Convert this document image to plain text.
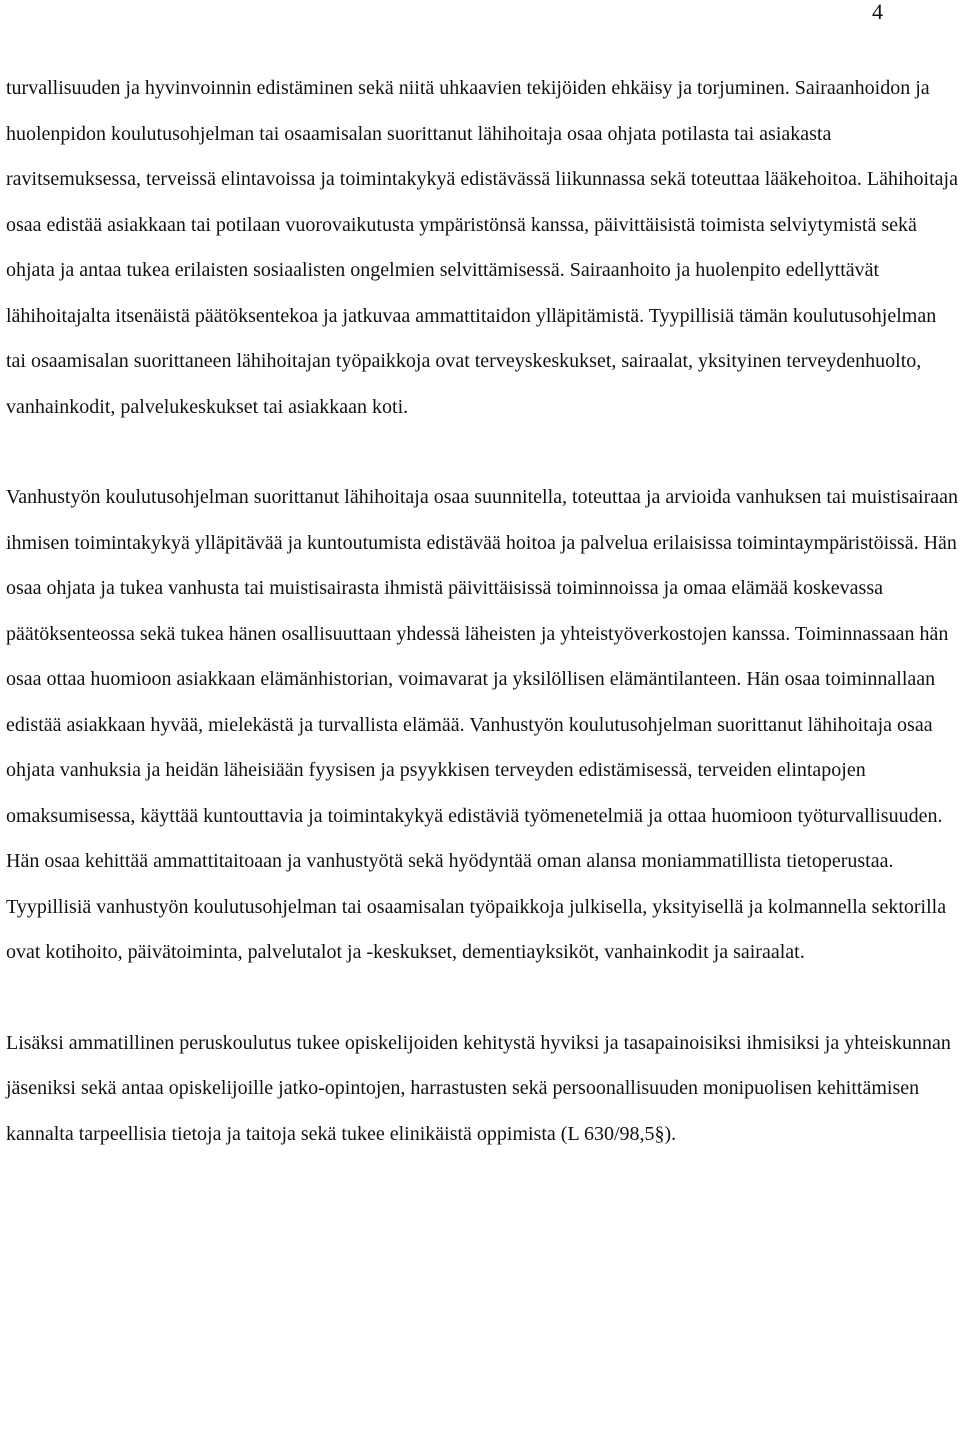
4

turvallisuuden ja hyvinvoinnin edistäminen sekä niitä uhkaavien tekijöiden ehkäisy ja torjuminen. Sairaanhoidon ja huolenpidon koulutusohjelman tai osaamisalan suorittanut lähihoitaja osaa ohjata potilasta tai asiakasta ravitsemuksessa, terveissä elintavoissa ja toimintakykyä edistävässä liikunnassa sekä toteuttaa lääkehoitoa. Lähihoitaja osaa edistää asiakkaan tai potilaan vuorovaikutusta ympäristönsä kanssa, päivittäisistä toimista selviytymistä sekä ohjata ja antaa tukea erilaisten sosiaalisten ongelmien selvittämisessä. Sairaanhoito ja huolenpito edellyttävät lähihoitajalta itsenäistä päätöksentekoa ja jatkuvaa ammattitaidon ylläpitämistä. Tyypillisiä tämän koulutusohjelman tai osaamisalan suorittaneen lähihoitajan työpaikkoja ovat terveyskeskukset, sairaalat, yksityinen terveydenhuolto, vanhainkodit, palvelukeskukset tai asiakkaan koti.

Vanhustyön koulutusohjelman suorittanut lähihoitaja osaa suunnitella, toteuttaa ja arvioida vanhuksen tai muistisairaan ihmisen toimintakykyä ylläpitävää ja kuntoutumista edistävää hoitoa ja palvelua erilaisissa toimintaympäristöissä. Hän osaa ohjata ja tukea vanhusta tai muistisairasta ihmistä päivittäisissä toiminnoissa ja omaa elämää koskevassa päätöksenteossa sekä tukea hänen osallisuuttaan yhdessä läheisten ja yhteistyöverkostojen kanssa. Toiminnassaan hän osaa ottaa huomioon asiakkaan elämänhistorian, voimavarat ja yksilöllisen elämäntilanteen. Hän osaa toiminnallaan edistää asiakkaan hyvää, mielekästä ja turvallista elämää. Vanhustyön koulutusohjelman suorittanut lähihoitaja osaa ohjata vanhuksia ja heidän läheisiään fyysisen ja psyykkisen terveyden edistämisessä, terveiden elintapojen omaksumisessa, käyttää kuntouttavia ja toimintakykyä edistäviä työmenetelmiä ja ottaa huomioon työturvallisuuden. Hän osaa kehittää ammattitaitoaan ja vanhustyötä sekä hyödyntää oman alansa moniammatillista tietoperustaa. Tyypillisiä vanhustyön koulutusohjelman tai osaamisalan työpaikkoja julkisella, yksityisellä ja kolmannella sektorilla ovat kotihoito, päivätoiminta, palvelutalot ja -keskukset, dementiayksiköt, vanhainkodit ja sairaalat.

Lisäksi ammatillinen peruskoulutus tukee opiskelijoiden kehitystä hyviksi ja tasapainoisiksi ihmisiksi ja yhteiskunnan jäseniksi sekä antaa opiskelijoille jatko-opintojen, harrastusten sekä persoonallisuuden monipuolisen kehittämisen kannalta tarpeellisia tietoja ja taitoja sekä tukee elinikäistä oppimista (L 630/98,5§).
